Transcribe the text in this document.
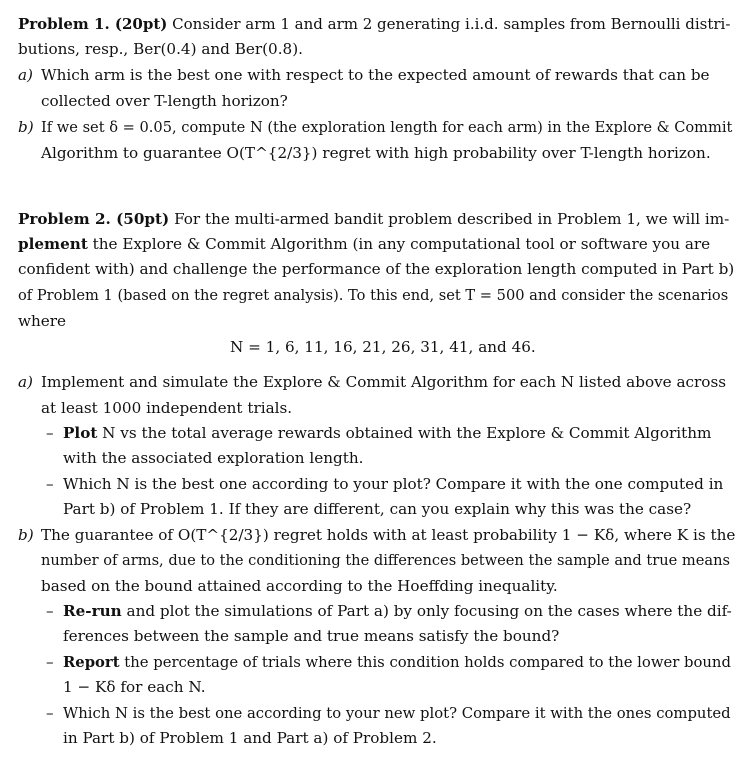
Problem 1. (20pt) Consider arm 1 and arm 2 generating i.i.d. samples from Bernoulli distri-
butions, resp., Ber(0.4) and Ber(0.8).
a) Which arm is the best one with respect to the expected amount of rewards that can be
collected over T-length horizon?
b) If we set δ = 0.05, compute N (the exploration length for each arm) in the Explore & Commit
Algorithm to guarantee O(T^{2/3}) regret with high probability over T-length horizon.
Problem 2. (50pt) For the multi-armed bandit problem described in Problem 1, we will im-
plement the Explore & Commit Algorithm (in any computational tool or software you are
confident with) and challenge the performance of the exploration length computed in Part b)
of Problem 1 (based on the regret analysis). To this end, set T = 500 and consider the scenarios
where
N = 1, 6, 11, 16, 21, 26, 31, 41, and 46.
a) Implement and simulate the Explore & Commit Algorithm for each N listed above across
at least 1000 independent trials.
– Plot N vs the total average rewards obtained with the Explore & Commit Algorithm
with the associated exploration length.
– Which N is the best one according to your plot? Compare it with the one computed in
Part b) of Problem 1. If they are different, can you explain why this was the case?
b) The guarantee of O(T^{2/3}) regret holds with at least probability 1 − Kδ, where K is the
number of arms, due to the conditioning the differences between the sample and true means
based on the bound attained according to the Hoeffding inequality.
– Re-run and plot the simulations of Part a) by only focusing on the cases where the dif-
ferences between the sample and true means satisfy the bound?
– Report the percentage of trials where this condition holds compared to the lower bound
1 − Kδ for each N.
– Which N is the best one according to your new plot? Compare it with the ones computed
in Part b) of Problem 1 and Part a) of Problem 2.
